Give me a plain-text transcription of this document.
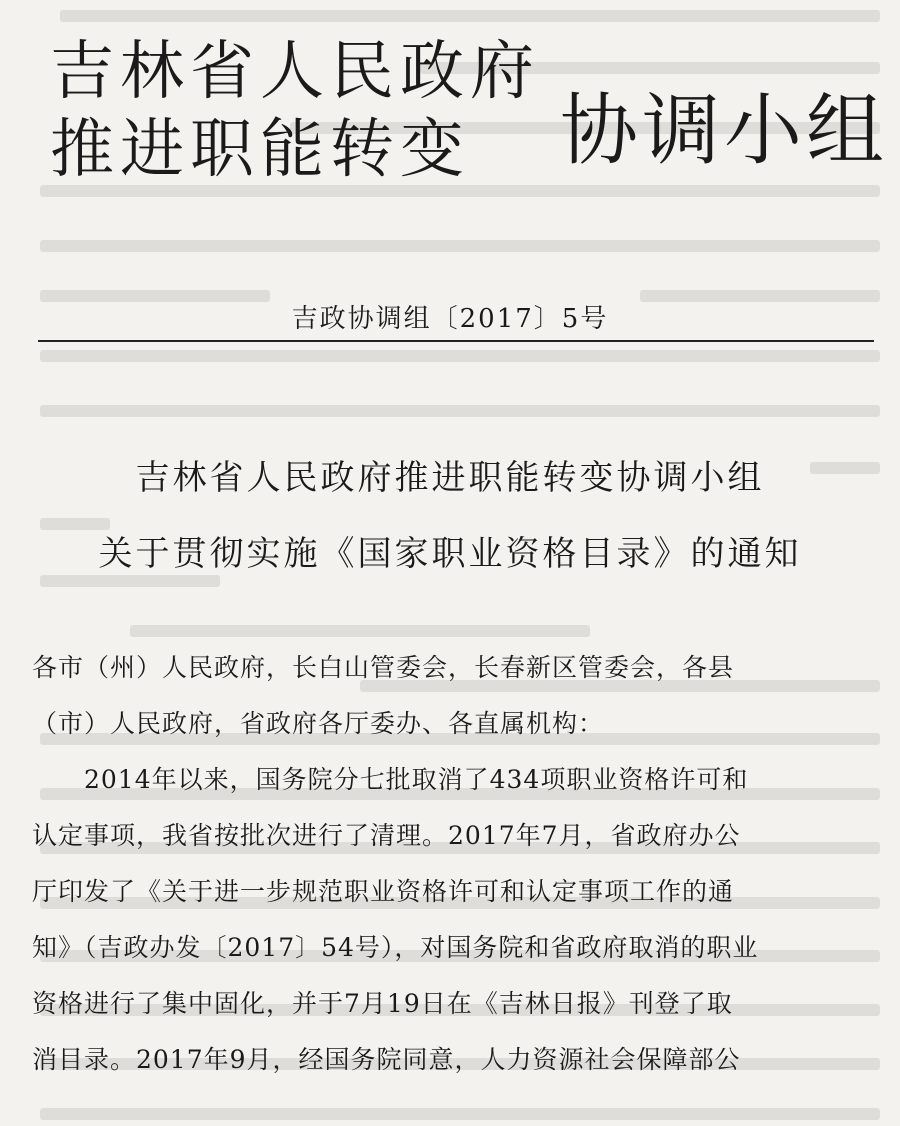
吉林省人民政府
推进职能转变 协调小组
吉政协调组〔2017〕5号
吉林省人民政府推进职能转变协调小组
关于贯彻实施《国家职业资格目录》的通知
各市（州）人民政府，长白山管委会，长春新区管委会，各县
（市）人民政府，省政府各厅委办、各直属机构：
2014年以来，国务院分七批取消了434项职业资格许可和
认定事项，我省按批次进行了清理。2017年7月，省政府办公
厅印发了《关于进一步规范职业资格许可和认定事项工作的通
知》（吉政办发〔2017〕54号），对国务院和省政府取消的职业
资格进行了集中固化，并于7月19日在《吉林日报》刊登了取
消目录。2017年9月，经国务院同意，人力资源社会保障部公
